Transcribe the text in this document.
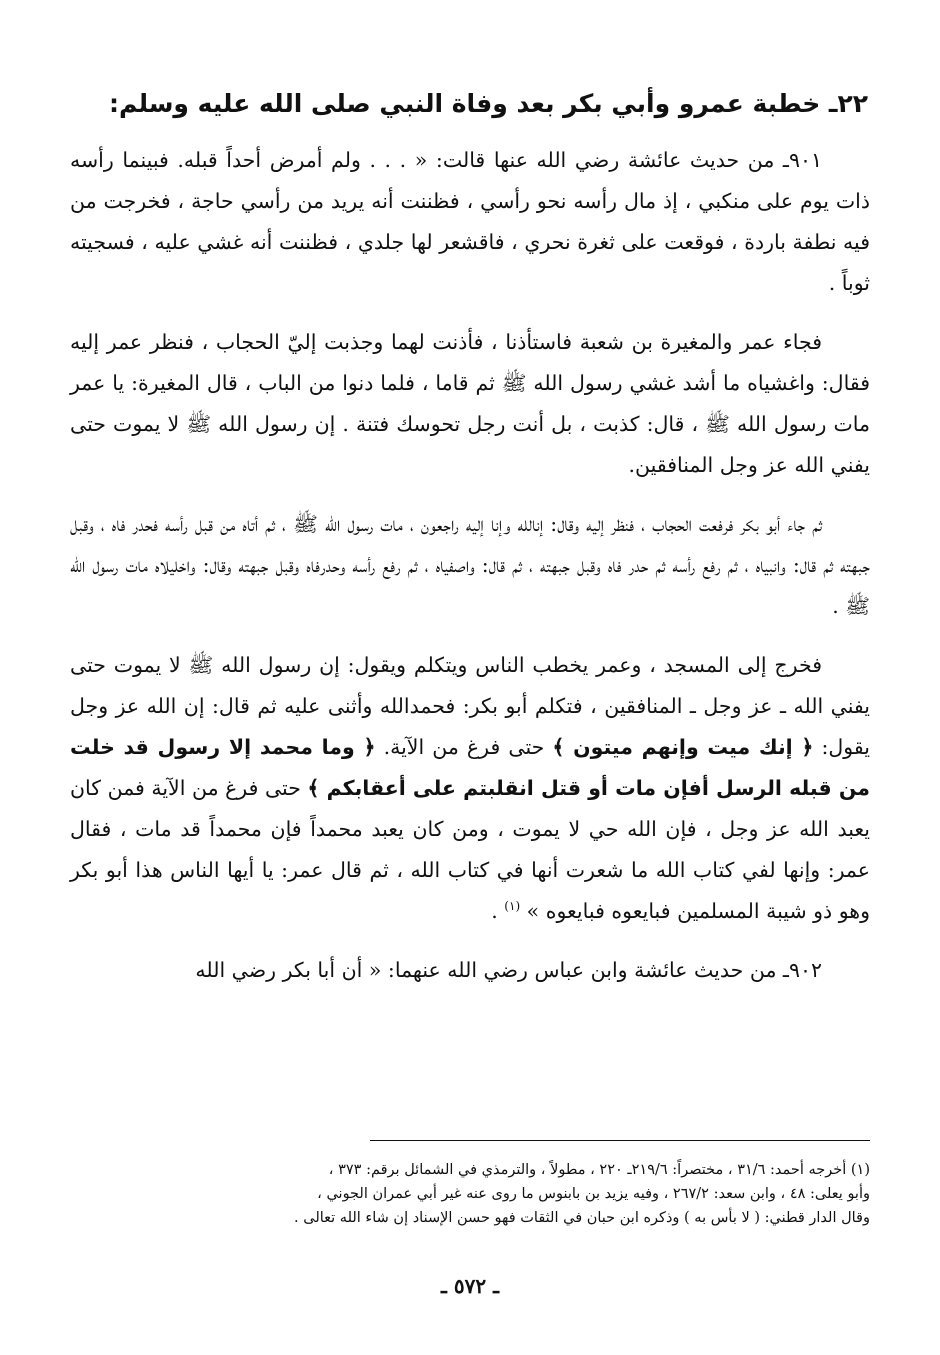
٢٢ـ خطبة عمرو وأبي بكر بعد وفاة النبي صلى الله عليه وسلم:

٩٠١ـ من حديث عائشة رضي الله عنها قالت: « . . . ولم أمرض أحداً قبله. فبينما رأسه ذات يوم على منكبي ، إذ مال رأسه نحو رأسي ، فظننت أنه يريد من رأسي حاجة ، فخرجت من فيه نطفة باردة ، فوقعت على ثغرة نحري ، فاقشعر لها جلدي ، فظننت أنه غشي عليه ، فسجيته ثوباً .

فجاء عمر والمغيرة بن شعبة فاستأذنا ، فأذنت لهما وجذبت إليّ الحجاب ، فنظر عمر إليه فقال: واغشياه ما أشد غشي رسول الله ﷺ ثم قاما ، فلما دنوا من الباب ، قال المغيرة: يا عمر مات رسول الله ﷺ ، قال: كذبت ، بل أنت رجل تحوسك فتنة . إن رسول الله ﷺ لا يموت حتى يفني الله عز وجل المنافقين.

ثم جاء أبو بكر فرفعت الحجاب ، فنظر إليه وقال: إنالله وإنا إليه راجعون ، مات رسول الله ﷺ ، ثم أتاه من قبل رأسه فحدر فاه ، وقبل جبهته ثم قال: وانبياه ، ثم رفع رأسه ثم حدر فاه وقبل جبهته ، ثم قال: واصفياه ، ثم رفع رأسه وحدرفاه وقبل جبهته وقال: واخليلاه مات رسول الله ﷺ .

فخرج إلى المسجد ، وعمر يخطب الناس ويتكلم ويقول: إن رسول الله ﷺ لا يموت حتى يفني الله ـ عز وجل ـ المنافقين ، فتكلم أبو بكر: فحمدالله وأثنى عليه ثم قال: إن الله عز وجل يقول: ﴿ إنك ميت وإنهم ميتون ﴾ حتى فرغ من الآية. ﴿ وما محمد إلا رسول قد خلت من قبله الرسل أفإن مات أو قتل انقلبتم على أعقابكم ﴾ حتى فرغ من الآية فمن كان يعبد الله عز وجل ، فإن الله حي لا يموت ، ومن كان يعبد محمداً فإن محمداً قد مات ، فقال عمر: وإنها لفي كتاب الله ما شعرت أنها في كتاب الله ، ثم قال عمر: يا أيها الناس هذا أبو بكر وهو ذو شيبة المسلمين فبايعوه فبايعوه » $^{(١)}$ .

٩٠٢ـ من حديث عائشة وابن عباس رضي الله عنهما: « أن أبا بكر رضي الله

(١) أخرجه أحمد: ٣١/٦ ، مختصراً: ٢١٩/٦ـ ٢٢٠ ، مطولاً ، والترمذي في الشمائل برقم: ٣٧٣ ،

وأبو يعلى: ٤٨ ، وابن سعد: ٢٦٧/٢ ، وفيه يزيد بن بابنوس ما روى عنه غير أبي عمران الجوني ،

وقال الدار قطني: ( لا بأس به ) وذكره ابن حبان في الثقات فهو حسن الإسناد إن شاء الله تعالى .

ـ ٥٧٢ ـ
